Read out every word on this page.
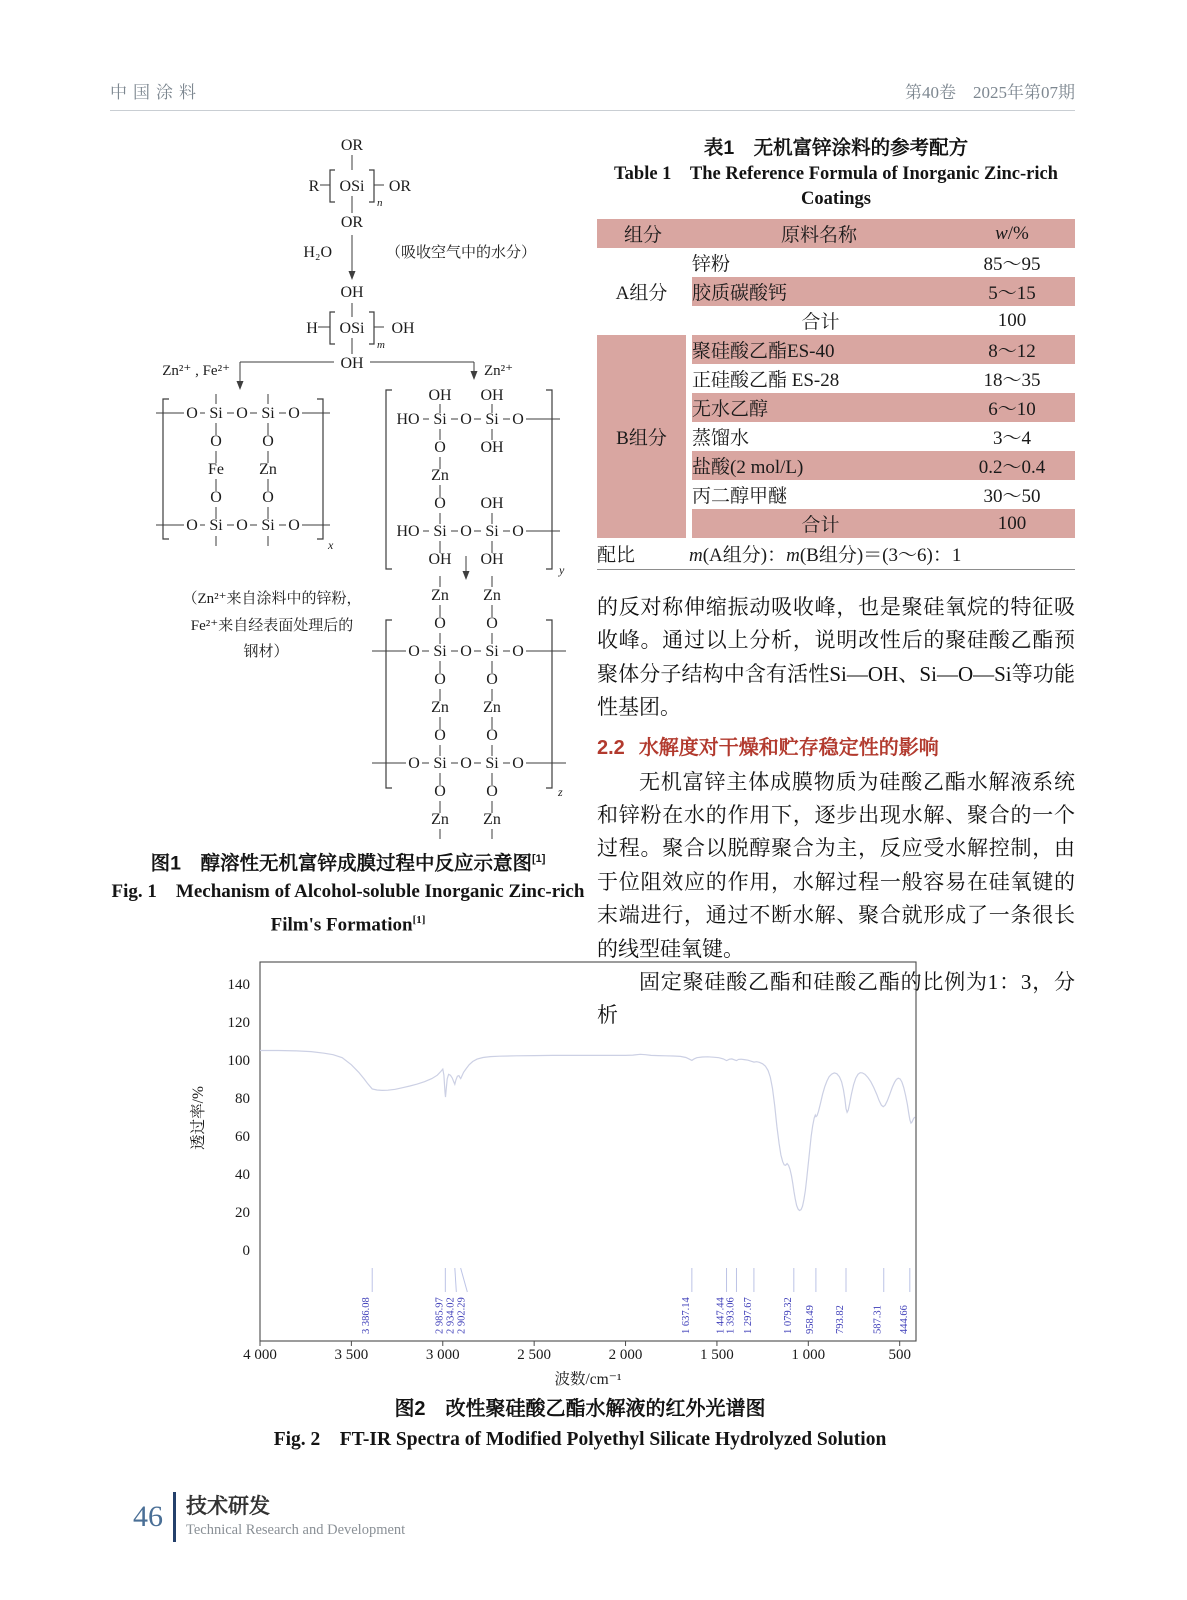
中国涂料	第40卷　2025年第07期
OR
R OSi
n
OR
OR
H₂O	（吸收空气中的水分）
OH
H OSi
m
OH
OH
Zn²⁺ , Fe²⁺	Zn²⁺
O Si O Si O
O Si O Si O
O	O
Fe Zn
O	O
x
HO Si O Si O
HO Si O Si O
OH OH
O OH
Zn
O OH
OH OH
y
Zn Zn
O	O
O Si O Si O
O	O
Zn Zn
O	O
O Si O Si O
O	O
Zn Zn
z
（Zn²⁺来自涂料中的锌粉，
Fe²⁺来自经表面处理后的
钢材）
图1　醇溶性无机富锌成膜过程中反应示意图[1]
Fig. 1　Mechanism of Alcohol-soluble Inorganic Zinc-rich
Film's Formation[1]
表1　无机富锌涂料的参考配方
Table 1　The Reference Formula of Inorganic Zinc-rich
Coatings
组分	原料名称	w/%
A组分	锌粉	85～95
	胶质碳酸钙	5～15
	合计	100
B组分	聚硅酸乙酯ES-40	8～12
	正硅酸乙酯 ES-28	18～35
	无水乙醇	6～10
	蒸馏水	3～4
	盐酸(2 mol/L)	0.2～0.4
	丙二醇甲醚	30～50
	合计	100
配比	m(A组分)：m(B组分)＝(3～6)：1	

的反对称伸缩振动吸收峰，也是聚硅氧烷的特征吸收峰。通过以上分析，说明改性后的聚硅酸乙酯预聚体分子结构中含有活性Si—OH、Si—O—Si等功能性基团。

2.2 水解度对干燥和贮存稳定性的影响

无机富锌主体成膜物质为硅酸乙酯水解液系统和锌粉在水的作用下，逐步出现水解、聚合的一个过程。聚合以脱醇聚合为主，反应受水解控制，由于位阻效应的作用，水解过程一般容易在硅氧键的末端进行，通过不断水解、聚合就形成了一条很长的线型硅氧键。

固定聚硅酸乙酯和硅酸乙酯的比例为1：3，分析

0
20
40
60
80
100
120
140
透过率/%
4 000	3 500	3 000	2 500	2 000	1 500	1 000	500
波数/cm⁻¹
3 386.08	2 985.97 2 934.02 2 902.29	1 637.14 1 447.44
1 393.06 1 297.67	1 079.32 958.49 793.82	587.31 444.66
图2　改性聚硅酸乙酯水解液的红外光谱图
Fig. 2　FT-IR Spectra of Modified Polyethyl Silicate Hydrolyzed Solution
46 技术研发
Technical Research and Development
